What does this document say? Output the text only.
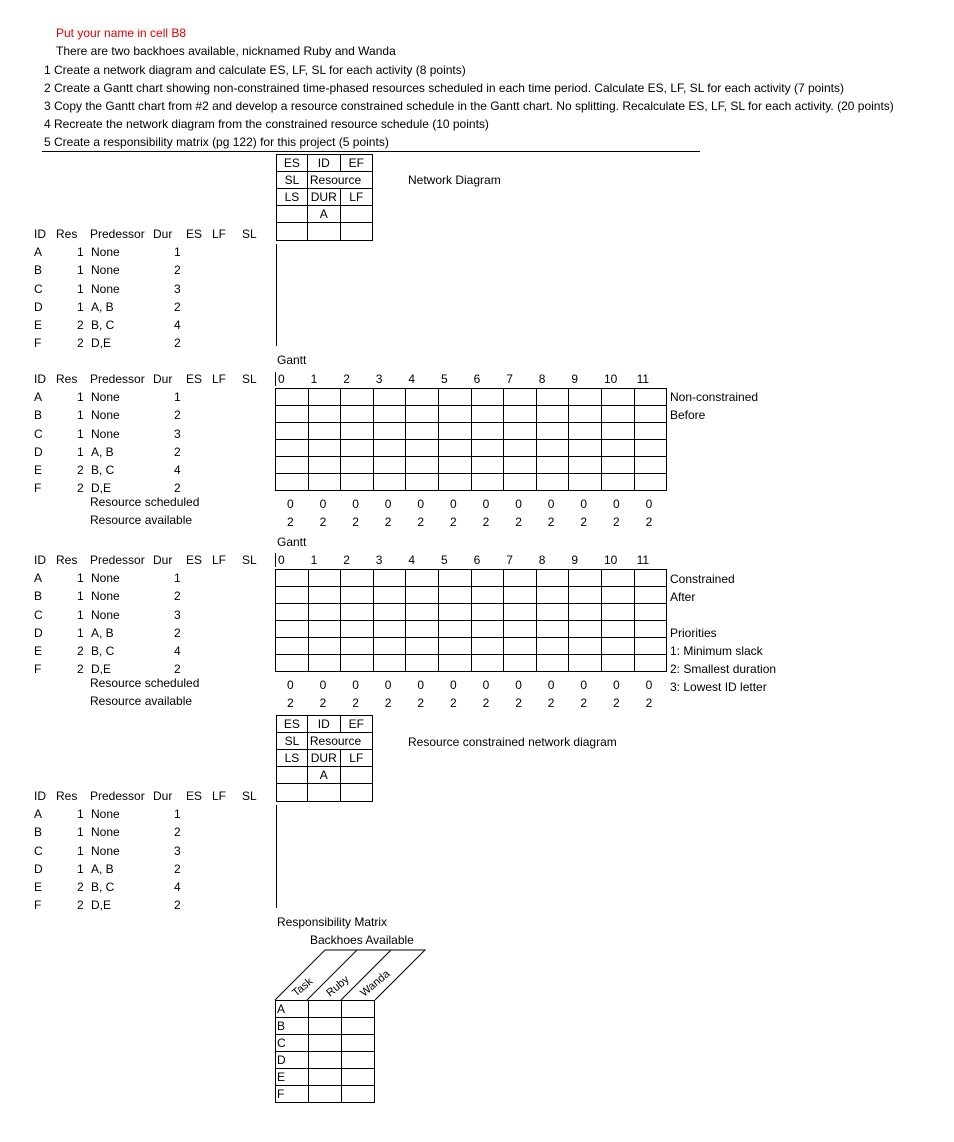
Put your name in cell B8
There are two backhoes available, nicknamed Ruby and Wanda
1 Create a network diagram and calculate ES, LF, SL for each activity (8 points)
2 Create a Gantt chart showing non-constrained time-phased resources scheduled in each time period. Calculate ES, LF, SL for each activity (7 points)
3 Copy the Gantt chart from #2 and develop a resource constrained schedule in the Gantt chart. No splitting. Recalculate ES, LF, SL for each activity. (20 points)
4 Recreate the network diagram from the constrained resource schedule (10 points)
5 Create a responsibility matrix (pg 122) for this project (5 points)
ES	ID	EF
SL	Resource	
LS	DUR	LF
	A	

Network Diagram
ID Res Predessor Dur ES LF SL
A	1 None	1
B	1 None	2
C	1 None	3
D	1 A, B	2
E	2 B, C	4
F	2 D,E	2
Gantt
ID Res Predessor Dur ES LF SL
A	1 None	1
B	1 None	2
C	1 None	3
D	1 A, B	2
E	2 B, C	4
F	2 D,E	2
0 1 2 3 4 5 6 7 8 9 10 11

Resource scheduled
Resource available
0 0 0 0 0 0 0 0 0 0 0 0
2 2 2 2 2 2 2 2 2 2 2 2
Non-constrained
Before
Gantt
ID Res Predessor Dur ES LF SL
A	1 None	1
B	1 None	2
C	1 None	3
D	1 A, B	2
E	2 B, C	4
F	2 D,E	2
0 1 2 3 4 5 6 7 8 9 10 11

Resource scheduled
Resource available
0 0 0 0 0 0 0 0 0 0 0 0
2 2 2 2 2 2 2 2 2 2 2 2
Constrained
After
Priorities
1: Minimum slack
2: Smallest duration
3: Lowest ID letter
ES	ID	EF
SL	Resource	
LS	DUR	LF
	A	

Resource constrained network diagram
ID Res Predessor Dur ES LF SL
A	1 None	1
B	1 None	2
C	1 None	3
D	1 A, B	2
E	2 B, C	4
F	2 D,E	2
Responsibility Matrix
Backhoes Available
Task Ruby Wanda
A		
B		
C		
D		
E		
F		
